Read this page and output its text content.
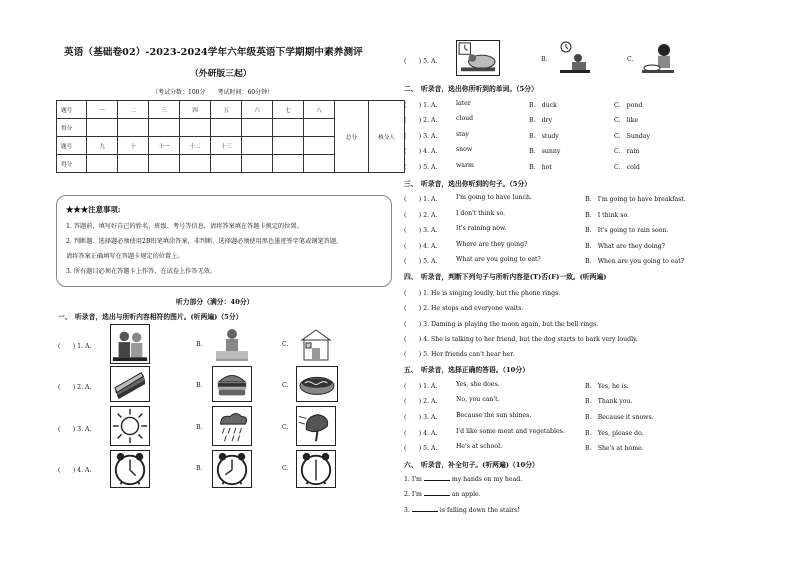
英语（基础卷02）-2023-2024学年六年级英语下学期期中素养测评
（外研版三起）
（考试分数：100分　　考试时间：60分钟）
题号	一	二	三	四	五	六	七	八	总分	核分人
得分										
题号	九	十	十一	十二	十三					
得分										
★★★注意事项:
1. 答题前，填写好自己的姓名、班级、考号等信息，请将答案填在答题卡规定的位置。
2. 判断题、选择题必须使用2B铅笔填涂答案，非判断、选择题必须使用黑色墨迹签字笔或钢笔答题，
请将答案正确填写在答题卡规定的位置上。
3. 所有题目必须在答题卡上作答，在试卷上作答无效。
听力部分（满分：40分）
一、　听录音，选出与所听内容相符的图片。(听两遍)（5分）
(　　) 1. A.	B.	C.
(　　) 2. A.	B.	C.
(　　) 3. A.	B.	C.
(　　) 4. A.	B.	C.
(　　) 5. A.	B.	C.
二、　听录音，选出你所听到的单词。（5分）
(　　) 1. A.	later	B.　duck	C.　pond
(　　) 2. A.	cloud	B.　dry	C.　like
(　　) 3. A.	stay	B.　study	C.　Sunday
(　　) 4. A.	snow	B.　sunny	C.　rain
(　　) 5. A.	warm	B.　hot	C.　cold
三、　听录音，选出你听到的句子。（5分）
(　　) 1. A.	I'm going to have lunch.	B.　I'm going to have breakfast.
(　　) 2. A.	I don't think so.	B.　I think so.
(　　) 3. A.	It's raining now.	B.　It's going to rain soon.
(　　) 4. A.	Where are they going?	B.　What are they doing?
(　　) 5. A.	What are you going to eat?	B.　When are you going to eat?
四、　听录音，判断下列句子与所听内容是(T)否(F)一致。(听两遍)
(　　) 1. He is singing loudly, but the phone rings.
(　　) 2. He stops and everyone waits.
(　　) 3. Daming is playing the moon again, but the bell rings.
(　　) 4. She is talking to her friend, but the dog starts to bark very loudly.
(　　) 5. Her friends can't hear her.
五、　听录音，选择正确的答语。（10分）
(　　) 1. A.	Yes, she does.	B.　Yes, he is.
(　　) 2. A.	No, you can't.	B.　Thank you.
(　　) 3. A.	Because the sun shines.	B.　Because it snows.
(　　) 4. A.	I'd like some meat and vegetables.	B.　Yes, please do.
(　　) 5. A.	He's at school.	B.　She's at home.
六、　听录音，补全句子。(听两遍)（10分）
1. I'm	my hands on my head.
2. I'm	an apple.
3.	is falling down the stairs!
